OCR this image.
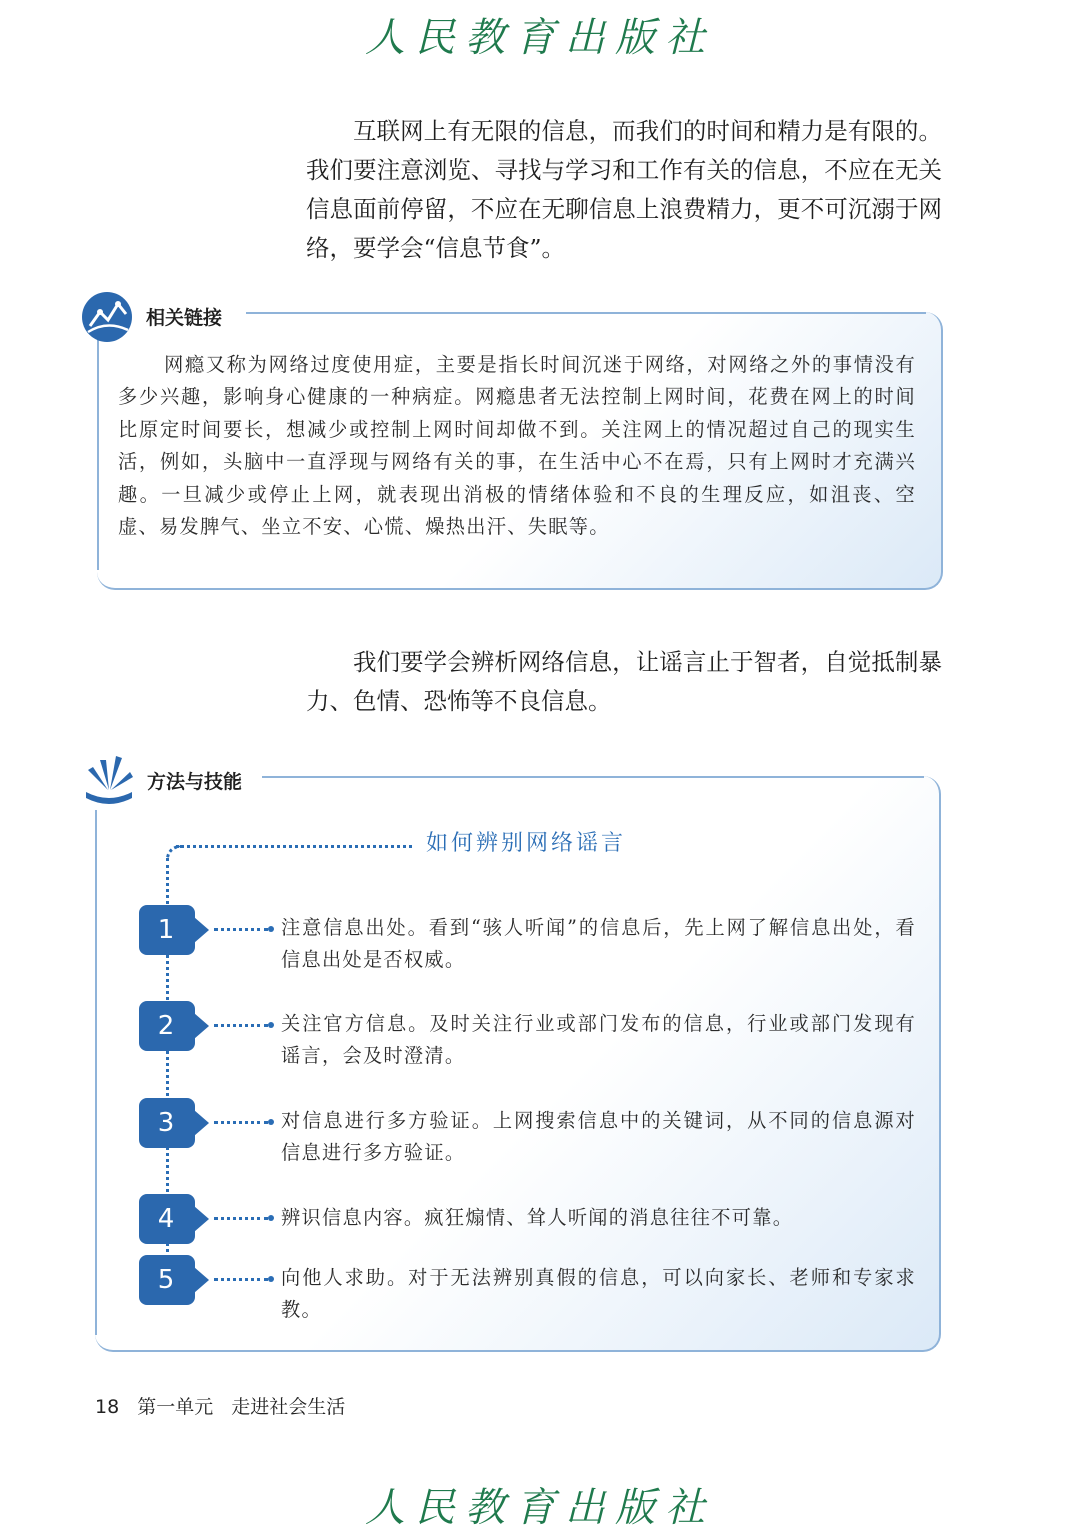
人民教育出版社
互联网上有无限的信息，而我们的时间和精力是有限的。我们要注意浏览、寻找与学习和工作有关的信息，不应在无关信息面前停留，不应在无聊信息上浪费精力，更不可沉溺于网络，要学会“信息节食”。
相关链接
网瘾又称为网络过度使用症，主要是指长时间沉迷于网络，对网络之外的事情没有多少兴趣，影响身心健康的一种病症。网瘾患者无法控制上网时间，花费在网上的时间比原定时间要长，想减少或控制上网时间却做不到。关注网上的情况超过自己的现实生活，例如，头脑中一直浮现与网络有关的事，在生活中心不在焉，只有上网时才充满兴趣。一旦减少或停止上网，就表现出消极的情绪体验和不良的生理反应，如沮丧、空虚、易发脾气、坐立不安、心慌、燥热出汗、失眠等。
我们要学会辨析网络信息，让谣言止于智者，自觉抵制暴力、色情、恐怖等不良信息。
方法与技能
如何辨别网络谣言
1	注意信息出处。看到“骇人听闻”的信息后，先上网了解信息出处，看信息出处是否权威。
2	关注官方信息。及时关注行业或部门发布的信息，行业或部门发现有谣言，会及时澄清。
3	对信息进行多方验证。上网搜索信息中的关键词，从不同的信息源对信息进行多方验证。
4	辨识信息内容。疯狂煽情、耸人听闻的消息往往不可靠。
5	向他人求助。对于无法辨别真假的信息，可以向家长、老师和专家求教。
18 第一单元 走进社会生活
人民教育出版社
